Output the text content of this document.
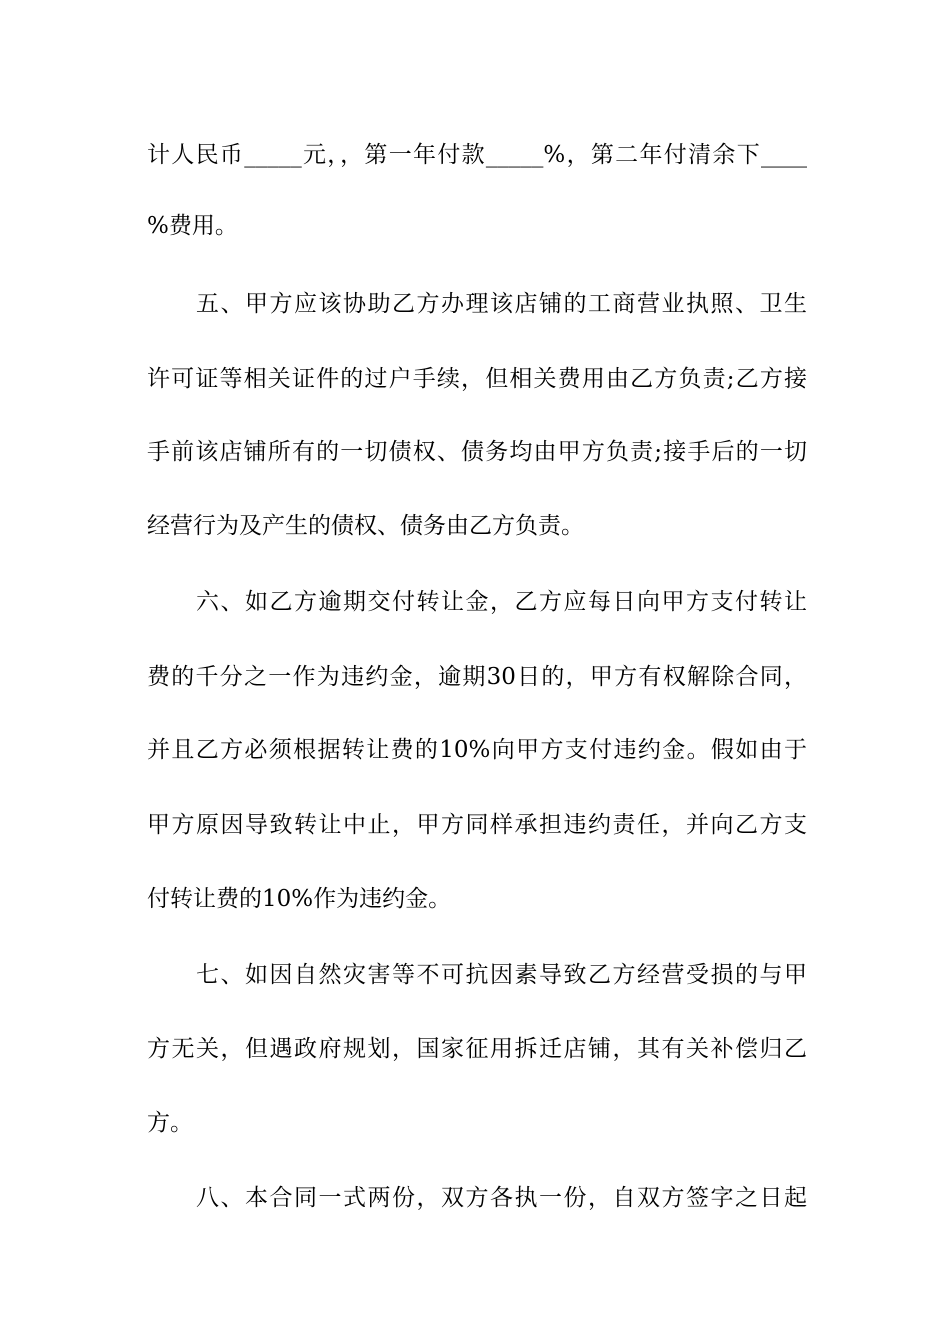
计人民币_____元，，第一年付款_____%，第二年付清余下____
%费用。
　　五、甲方应该协助乙方办理该店铺的工商营业执照、卫生
许可证等相关证件的过户手续，但相关费用由乙方负责;乙方接
手前该店铺所有的一切债权、债务均由甲方负责;接手后的一切
经营行为及产生的债权、债务由乙方负责。
　　六、如乙方逾期交付转让金，乙方应每日向甲方支付转让
费的千分之一作为违约金，逾期30日的，甲方有权解除合同，
并且乙方必须根据转让费的10%向甲方支付违约金。假如由于
甲方原因导致转让中止，甲方同样承担违约责任，并向乙方支
付转让费的10%作为违约金。
　　七、如因自然灾害等不可抗因素导致乙方经营受损的与甲
方无关，但遇政府规划，国家征用拆迁店铺，其有关补偿归乙
方。
　　八、本合同一式两份，双方各执一份，自双方签字之日起
